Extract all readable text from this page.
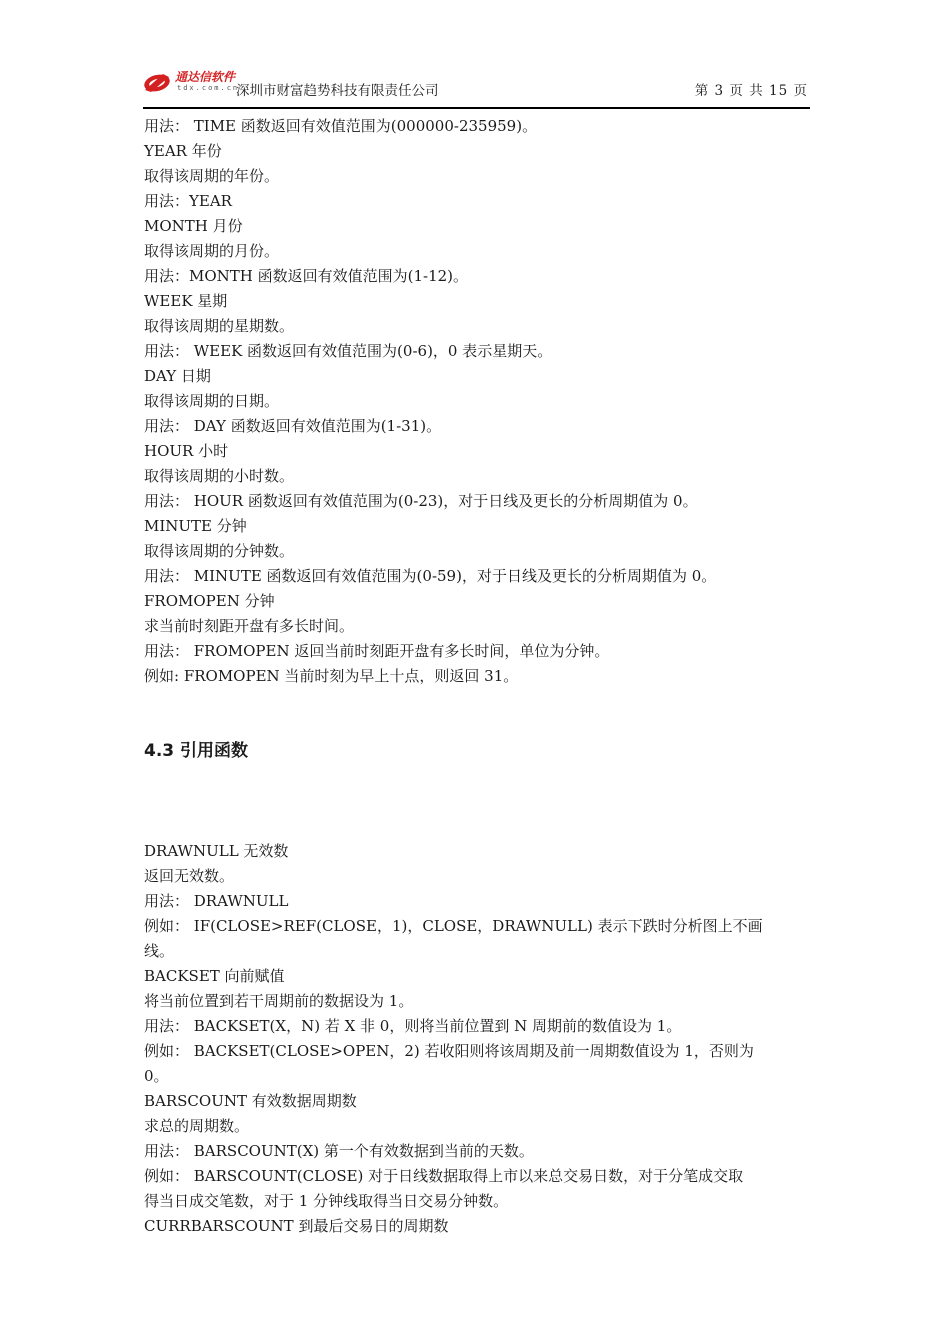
通达信软件
tdx.com.cn
深圳市财富趋势科技有限责任公司	第 3 页 共 15 页
用法： TIME 函数返回有效值范围为(000000-235959)。
YEAR 年份
取得该周期的年份。
用法：YEAR
MONTH 月份
取得该周期的月份。
用法：MONTH 函数返回有效值范围为(1-12)。
WEEK 星期
取得该周期的星期数。
用法： WEEK 函数返回有效值范围为(0-6)，0 表示星期天。
DAY 日期
取得该周期的日期。
用法： DAY 函数返回有效值范围为(1-31)。
HOUR 小时
取得该周期的小时数。
用法： HOUR 函数返回有效值范围为(0-23)，对于日线及更长的分析周期值为 0。
MINUTE 分钟
取得该周期的分钟数。
用法： MINUTE 函数返回有效值范围为(0-59)，对于日线及更长的分析周期值为 0。
FROMOPEN 分钟
求当前时刻距开盘有多长时间。
用法： FROMOPEN 返回当前时刻距开盘有多长时间，单位为分钟。
例如: FROMOPEN 当前时刻为早上十点，则返回 31。
4.3 引用函数
DRAWNULL 无效数
返回无效数。
用法： DRAWNULL
例如： IF(CLOSE>REF(CLOSE，1)，CLOSE，DRAWNULL) 表示下跌时分析图上不画
线。
BACKSET 向前赋值
将当前位置到若干周期前的数据设为 1。
用法： BACKSET(X，N) 若 X 非 0，则将当前位置到 N 周期前的数值设为 1。
例如： BACKSET(CLOSE>OPEN，2) 若收阳则将该周期及前一周期数值设为 1，否则为
0。
BARSCOUNT 有效数据周期数
求总的周期数。
用法： BARSCOUNT(X) 第一个有效数据到当前的天数。
例如： BARSCOUNT(CLOSE) 对于日线数据取得上市以来总交易日数，对于分笔成交取
得当日成交笔数，对于 1 分钟线取得当日交易分钟数。
CURRBARSCOUNT 到最后交易日的周期数
